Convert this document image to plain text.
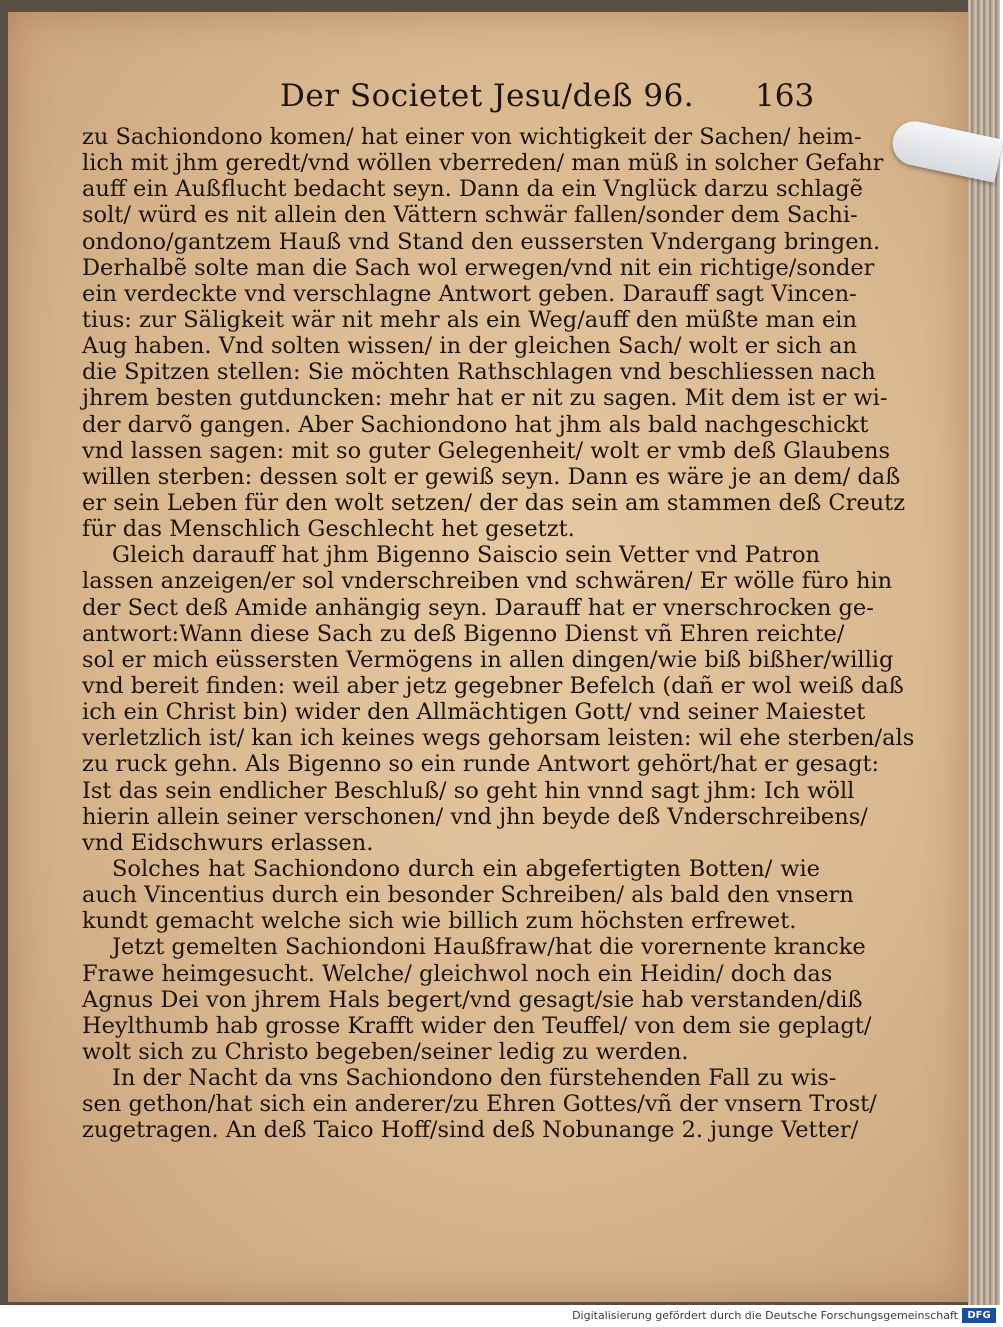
Der Societet Jesu/deß 96. 163
zu Sachiondono komen/ hat einer von wichtigkeit der Sachen/ heim-
lich mit jhm geredt/vnd wöllen vberreden/ man müß in solcher Gefahr
auff ein Außflucht bedacht seyn. Dann da ein Vnglück darzu schlagẽ
solt/ würd es nit allein den Vättern schwär fallen/sonder dem Sachi-
ondono/gantzem Hauß vnd Stand den eussersten Vndergang bringen.
Derhalbẽ solte man die Sach wol erwegen/vnd nit ein richtige/sonder
ein verdeckte vnd verschlagne Antwort geben. Darauff sagt Vincen-
tius: zur Säligkeit wär nit mehr als ein Weg/auff den müßte man ein
Aug haben. Vnd solten wissen/ in der gleichen Sach/ wolt er sich an
die Spitzen stellen: Sie möchten Rathschlagen vnd beschliessen nach
jhrem besten gutduncken: mehr hat er nit zu sagen. Mit dem ist er wi-
der darvõ gangen. Aber Sachiondono hat jhm als bald nachgeschickt
vnd lassen sagen: mit so guter Gelegenheit/ wolt er vmb deß Glaubens
willen sterben: dessen solt er gewiß seyn. Dann es wäre je an dem/ daß
er sein Leben für den wolt setzen/ der das sein am stammen deß Creutz
für das Menschlich Geschlecht het gesetzt.
Gleich darauff hat jhm Bigenno Saiscio sein Vetter vnd Patron
lassen anzeigen/er sol vnderschreiben vnd schwären/ Er wölle füro hin
der Sect deß Amide anhängig seyn. Darauff hat er vnerschrocken ge-
antwort:Wann diese Sach zu deß Bigenno Dienst vñ Ehren reichte/
sol er mich eüssersten Vermögens in allen dingen/wie biß bißher/willig
vnd bereit finden: weil aber jetz gegebner Befelch (dañ er wol weiß daß
ich ein Christ bin) wider den Allmächtigen Gott/ vnd seiner Maiestet
verletzlich ist/ kan ich keines wegs gehorsam leisten: wil ehe sterben/als
zu ruck gehn. Als Bigenno so ein runde Antwort gehört/hat er gesagt:
Ist das sein endlicher Beschluß/ so geht hin vnnd sagt jhm: Ich wöll
hierin allein seiner verschonen/ vnd jhn beyde deß Vnderschreibens/
vnd Eidschwurs erlassen.
Solches hat Sachiondono durch ein abgefertigten Botten/ wie
auch Vincentius durch ein besonder Schreiben/ als bald den vnsern
kundt gemacht welche sich wie billich zum höchsten erfrewet.
Jetzt gemelten Sachiondoni Haußfraw/hat die vorernente krancke
Frawe heimgesucht. Welche/ gleichwol noch ein Heidin/ doch das
Agnus Dei von jhrem Hals begert/vnd gesagt/sie hab verstanden/diß
Heylthumb hab grosse Krafft wider den Teuffel/ von dem sie geplagt/
wolt sich zu Christo begeben/seiner ledig zu werden.
In der Nacht da vns Sachiondono den fürstehenden Fall zu wis-
sen gethon/hat sich ein anderer/zu Ehren Gottes/vñ der vnsern Trost/
zugetragen. An deß Taico Hoff/sind deß Nobunange 2. junge Vetter/
Digitalisierung gefördert durch die Deutsche Forschungsgemeinschaft DFG
